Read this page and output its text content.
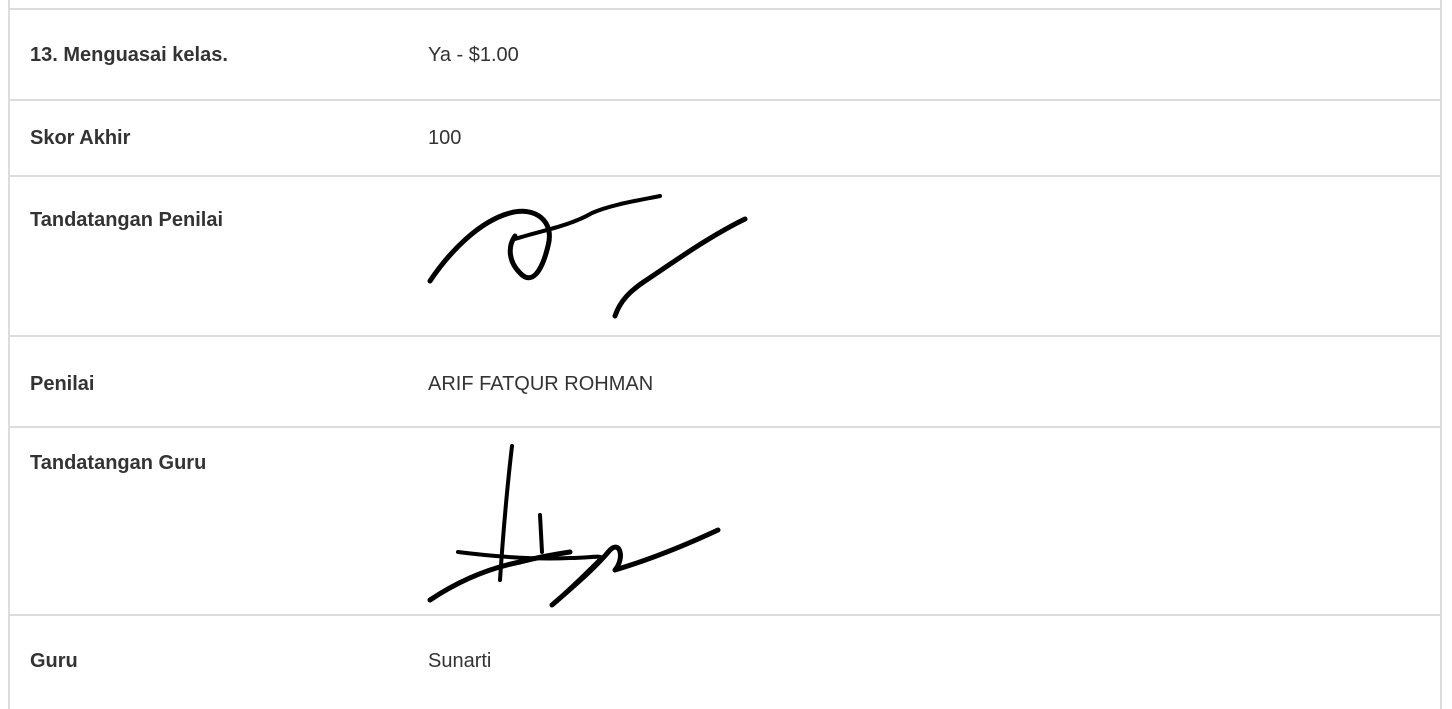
13. Menguasai kelas.	Ya - $1.00
Skor Akhir	100
Tandatangan Penilai
Penilai	ARIF FATQUR ROHMAN
Tandatangan Guru
Guru	Sunarti
